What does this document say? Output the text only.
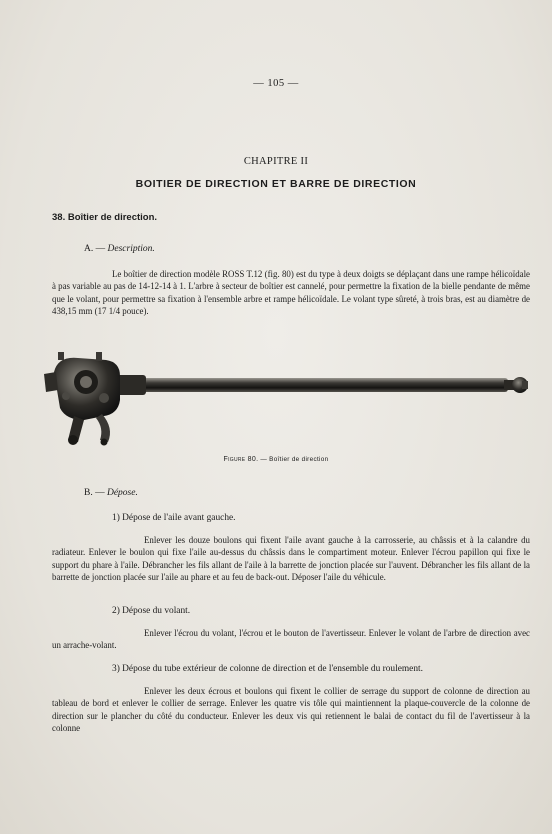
— 105 —
CHAPITRE II
BOITIER DE DIRECTION ET BARRE DE DIRECTION
38. Boîtier de direction.
A. — Description.

Le boîtier de direction modèle ROSS T.12 (fig. 80) est du type à deux doigts se déplaçant dans une rampe hélicoïdale à pas variable au pas de 14-12-14 à 1. L'arbre à secteur de boîtier est cannelé, pour permettre la fixation de la bielle pendante de même que le volant, pour permettre sa fixation à l'ensemble arbre et rampe hélicoïdale. Le volant type sûreté, à trois bras, est au diamètre de 438,15 mm (17 1/4 pouce).

Figure 80. — Boîtier de direction
B. — Dépose.
1) Dépose de l'aile avant gauche.

Enlever les douze boulons qui fixent l'aile avant gauche à la carrosserie, au châssis et à la calandre du radiateur. Enlever le boulon qui fixe l'aile au-dessus du châssis dans le compartiment moteur. Enlever l'écrou papillon qui fixe le support du phare à l'aile. Débrancher les fils allant de l'aile à la barrette de jonction placée sur l'auvent. Débrancher les fils allant de la barrette de jonction placée sur l'aile au phare et au feu de back-out. Déposer l'aile du véhicule.

2) Dépose du volant.

Enlever l'écrou du volant, l'écrou et le bouton de l'avertisseur. Enlever le volant de l'arbre de direction avec un arrache-volant.

3) Dépose du tube extérieur de colonne de direction et de l'ensemble du roulement.

Enlever les deux écrous et boulons qui fixent le collier de serrage du support de colonne de direction au tableau de bord et enlever le collier de serrage. Enlever les quatre vis tôle qui maintiennent la plaque-couvercle de la colonne de direction sur le plancher du côté du conducteur. Enlever les deux vis qui retiennent le balai de contact du fil de l'avertisseur à la colonne
